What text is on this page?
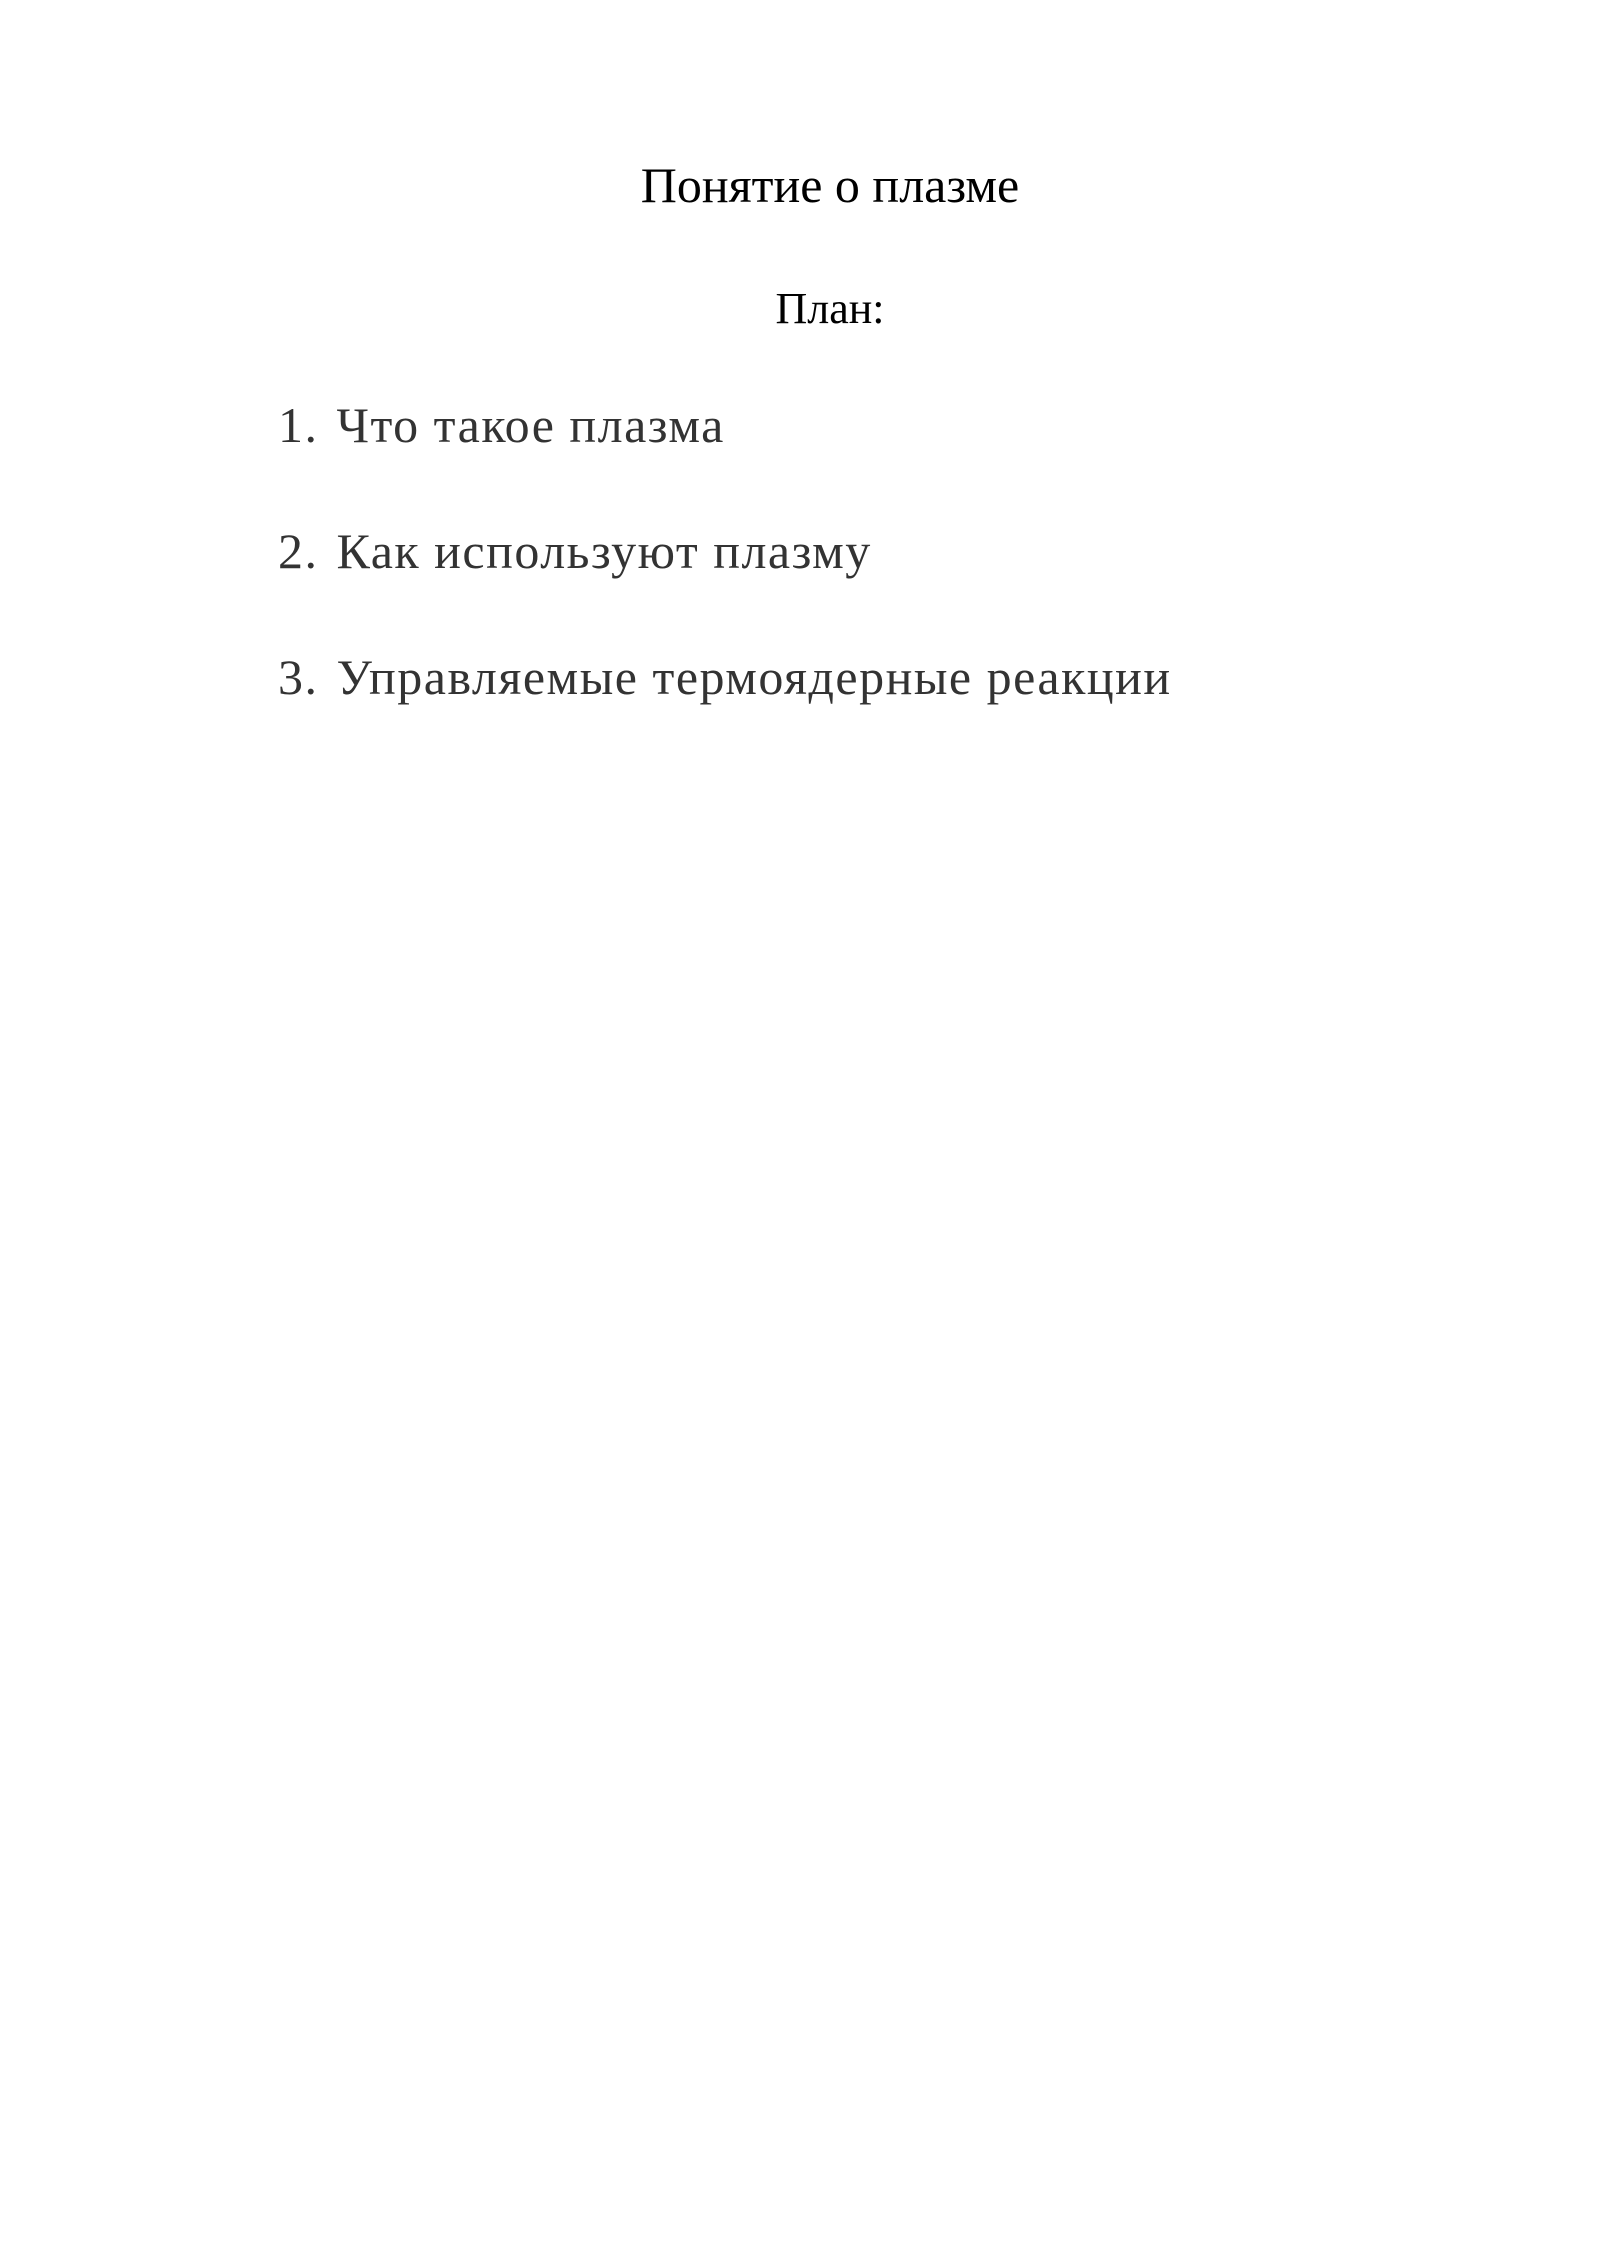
Понятие о плазме

План:

1. Что такое плазма
2. Как используют плазму
3. Управляемые термоядерные реакции
